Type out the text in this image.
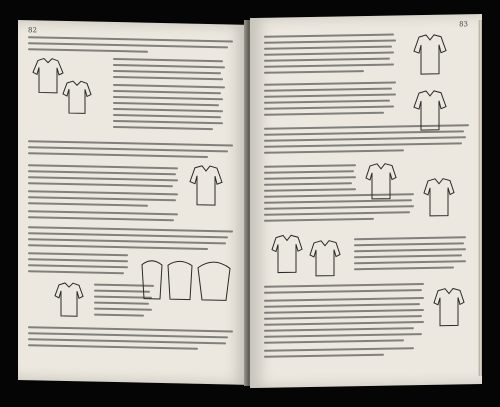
82
83
